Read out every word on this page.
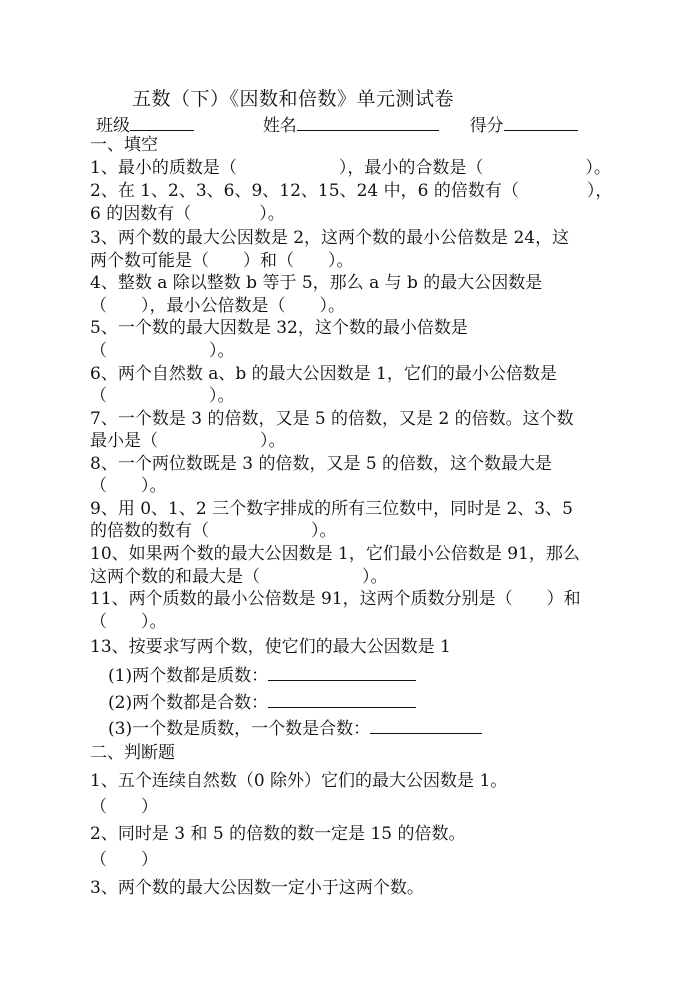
五数（下）《因数和倍数》单元测试卷
班级	姓名	得分
一、填空
1、最小的质数是（　　　　　　），最小的合数是（　　　　　　）。
2、在 1、2、3、6、9、12、15、24 中，6 的倍数有（　　　　），
6 的因数有（　　　　）。
3、两个数的最大公因数是 2，这两个数的最小公倍数是 24，这
两个数可能是（　　）和（　　）。
4、整数 a 除以整数 b 等于 5，那么 a 与 b 的最大公因数是
（　　），最小公倍数是（　　）。
5、一个数的最大因数是 32，这个数的最小倍数是
（　　　　　　）。
6、两个自然数 a、b 的最大公因数是 1，它们的最小公倍数是
（　　　　　　）。
7、一个数是 3 的倍数，又是 5 的倍数，又是 2 的倍数。这个数
最小是（　　　　　　）。
8、一个两位数既是 3 的倍数，又是 5 的倍数，这个数最大是
（　　）。
9、用 0、1、2 三个数字排成的所有三位数中，同时是 2、3、5
的倍数的数有（　　　　　　）。
10、如果两个数的最大公因数是 1，它们最小公倍数是 91，那么
这两个数的和最大是（　　　　　　）。
11、两个质数的最小公倍数是 91，这两个质数分别是（　　）和
（　　）。
13、按要求写两个数，使它们的最大公因数是 1
(1)两个数都是质数：
(2)两个数都是合数：
(3)一个数是质数，一个数是合数：
二、判断题
1、五个连续自然数（0 除外）它们的最大公因数是 1。
（　　）
2、同时是 3 和 5 的倍数的数一定是 15 的倍数。
（　　）
3、两个数的最大公因数一定小于这两个数。
